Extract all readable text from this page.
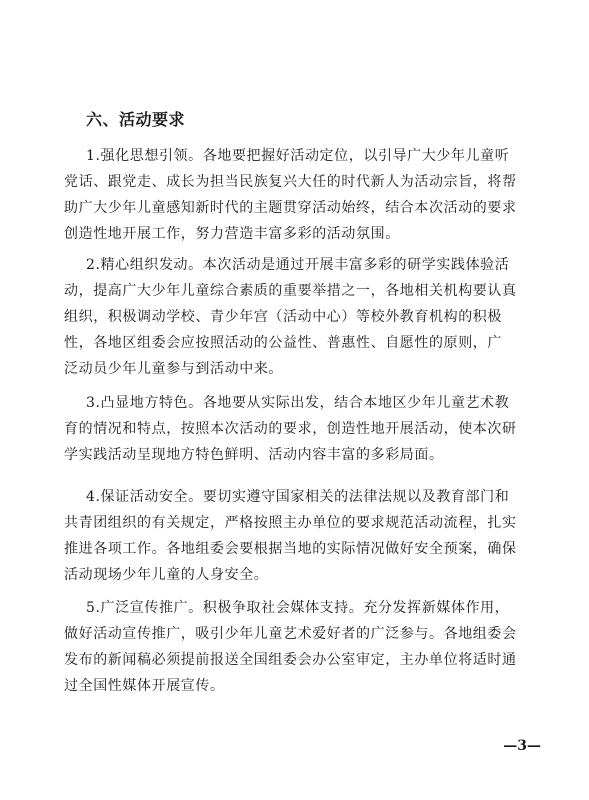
六、活动要求
1.强化思想引领。各地要把握好活动定位，以引导广大少年儿童听
党话、跟党走、成长为担当民族复兴大任的时代新人为活动宗旨，将帮
助广大少年儿童感知新时代的主题贯穿活动始终，结合本次活动的要求
创造性地开展工作，努力营造丰富多彩的活动氛围。
2.精心组织发动。本次活动是通过开展丰富多彩的研学实践体验活
动，提高广大少年儿童综合素质的重要举措之一，各地相关机构要认真
组织，积极调动学校、青少年宫（活动中心）等校外教育机构的积极
性，各地区组委会应按照活动的公益性、普惠性、自愿性的原则，广
泛动员少年儿童参与到活动中来。
3.凸显地方特色。各地要从实际出发，结合本地区少年儿童艺术教
育的情况和特点，按照本次活动的要求，创造性地开展活动，使本次研
学实践活动呈现地方特色鲜明、活动内容丰富的多彩局面。
4.保证活动安全。要切实遵守国家相关的法律法规以及教育部门和
共青团组织的有关规定，严格按照主办单位的要求规范活动流程，扎实
推进各项工作。各地组委会要根据当地的实际情况做好安全预案，确保
活动现场少年儿童的人身安全。
5.广泛宣传推广。积极争取社会媒体支持。充分发挥新媒体作用，
做好活动宣传推广，吸引少年儿童艺术爱好者的广泛参与。各地组委会
发布的新闻稿必须提前报送全国组委会办公室审定，主办单位将适时通
过全国性媒体开展宣传。

—3—
